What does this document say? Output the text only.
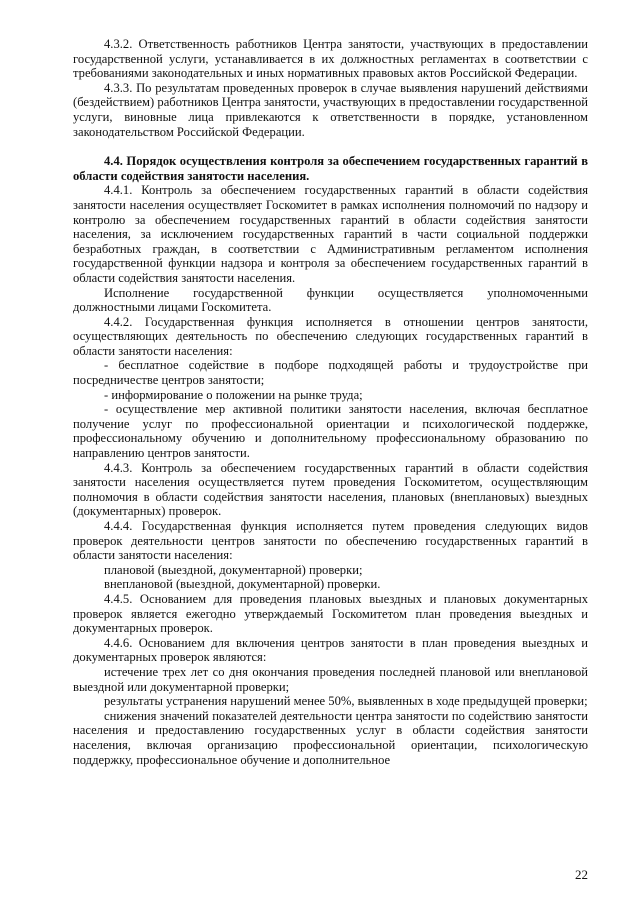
4.3.2. Ответственность работников Центра занятости, участвующих в предоставлении государственной услуги, устанавливается в их должностных регламентах в соответствии с требованиями законодательных и иных нормативных правовых актов Российской Федерации.

4.3.3. По результатам проведенных проверок в случае выявления нарушений действиями (бездействием) работников Центра занятости, участвующих в предоставлении государственной услуги, виновные лица привлекаются к ответственности в порядке, установленном законодательством Российской Федерации.

4.4. Порядок осуществления контроля за обеспечением государственных гарантий в области содействия занятости населения.

4.4.1. Контроль за обеспечением государственных гарантий в области содействия занятости населения осуществляет Госкомитет в рамках исполнения полномочий по надзору и контролю за обеспечением государственных гарантий в области содействия занятости населения, за исключением государственных гарантий в части социальной поддержки безработных граждан, в соответствии с Административным регламентом исполнения государственной функции надзора и контроля за обеспечением государственных гарантий в области содействия занятости населения.

Исполнение государственной функции осуществляется уполномоченными должностными лицами Госкомитета.

4.4.2. Государственная функция исполняется в отношении центров занятости, осуществляющих деятельность по обеспечению следующих государственных гарантий в области занятости населения:

- бесплатное содействие в подборе подходящей работы и трудоустройстве при посредничестве центров занятости;

- информирование о положении на рынке труда;

- осуществление мер активной политики занятости населения, включая бесплатное получение услуг по профессиональной ориентации и психологической поддержке, профессиональному обучению и дополнительному профессиональному образованию по направлению центров занятости.

4.4.3. Контроль за обеспечением государственных гарантий в области содействия занятости населения осуществляется путем проведения Госкомитетом, осуществляющим полномочия в области содействия занятости населения, плановых (внеплановых) выездных (документарных) проверок.

4.4.4. Государственная функция исполняется путем проведения следующих видов проверок деятельности центров занятости по обеспечению государственных гарантий в области занятости населения:

плановой (выездной, документарной) проверки;

внеплановой (выездной, документарной) проверки.

4.4.5. Основанием для проведения плановых выездных и плановых документарных проверок является ежегодно утверждаемый Госкомитетом план проведения выездных и документарных проверок.

4.4.6. Основанием для включения центров занятости в план проведения выездных и документарных проверок являются:

истечение трех лет со дня окончания проведения последней плановой или внеплановой выездной или документарной проверки;

результаты устранения нарушений менее 50%, выявленных в ходе предыдущей проверки;

снижения значений показателей деятельности центра занятости по содействию занятости населения и предоставлению государственных услуг в области содействия занятости населения, включая организацию профессиональной ориентации, психологическую поддержку, профессиональное обучение и дополнительное

22
